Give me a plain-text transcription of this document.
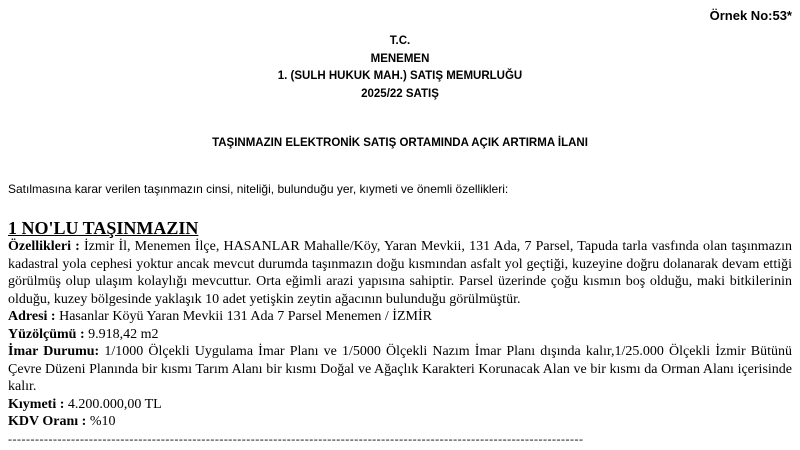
Örnek No:53*
T.C.
MENEMEN
1. (SULH HUKUK MAH.) SATIŞ MEMURLUĞU
2025/22 SATIŞ
TAŞINMAZIN ELEKTRONİK SATIŞ ORTAMINDA AÇIK ARTIRMA İLANI
Satılmasına karar verilen taşınmazın cinsi, niteliği, bulunduğu yer, kıymeti ve önemli özellikleri:
1 NO'LU TAŞINMAZIN

Özellikleri : İzmir İl, Menemen İlçe, HASANLAR Mahalle/Köy, Yaran Mevkii, 131 Ada, 7 Parsel, Tapuda tarla vasfında olan taşınmazın kadastral yola cephesi yoktur ancak mevcut durumda taşınmazın doğu kısmından asfalt yol geçtiği, kuzeyine doğru dolanarak devam ettiği görülmüş olup ulaşım kolaylığı mevcuttur. Orta eğimli arazi yapısına sahiptir. Parsel üzerinde çoğu kısmın boş olduğu, maki bitkilerinin olduğu, kuzey bölgesinde yaklaşık 10 adet yetişkin zeytin ağacının bulunduğu görülmüştür.

Adresi : Hasanlar Köyü Yaran Mevkii 131 Ada 7 Parsel Menemen / İZMİR

Yüzölçümü : 9.918,42 m2

İmar Durumu: 1/1000 Ölçekli Uygulama İmar Planı ve 1/5000 Ölçekli Nazım İmar Planı dışında kalır,1/25.000 Ölçekli İzmir Bütünü Çevre Düzeni Planında bir kısmı Tarım Alanı bir kısmı Doğal ve Ağaçlık Karakteri Korunacak Alan ve bir kısmı da Orman Alanı içerisinde kalır.

Kıymeti : 4.200.000,00 TL

KDV Oranı : %10

--------------------------------------------------------------------------------------------------------------------------------
